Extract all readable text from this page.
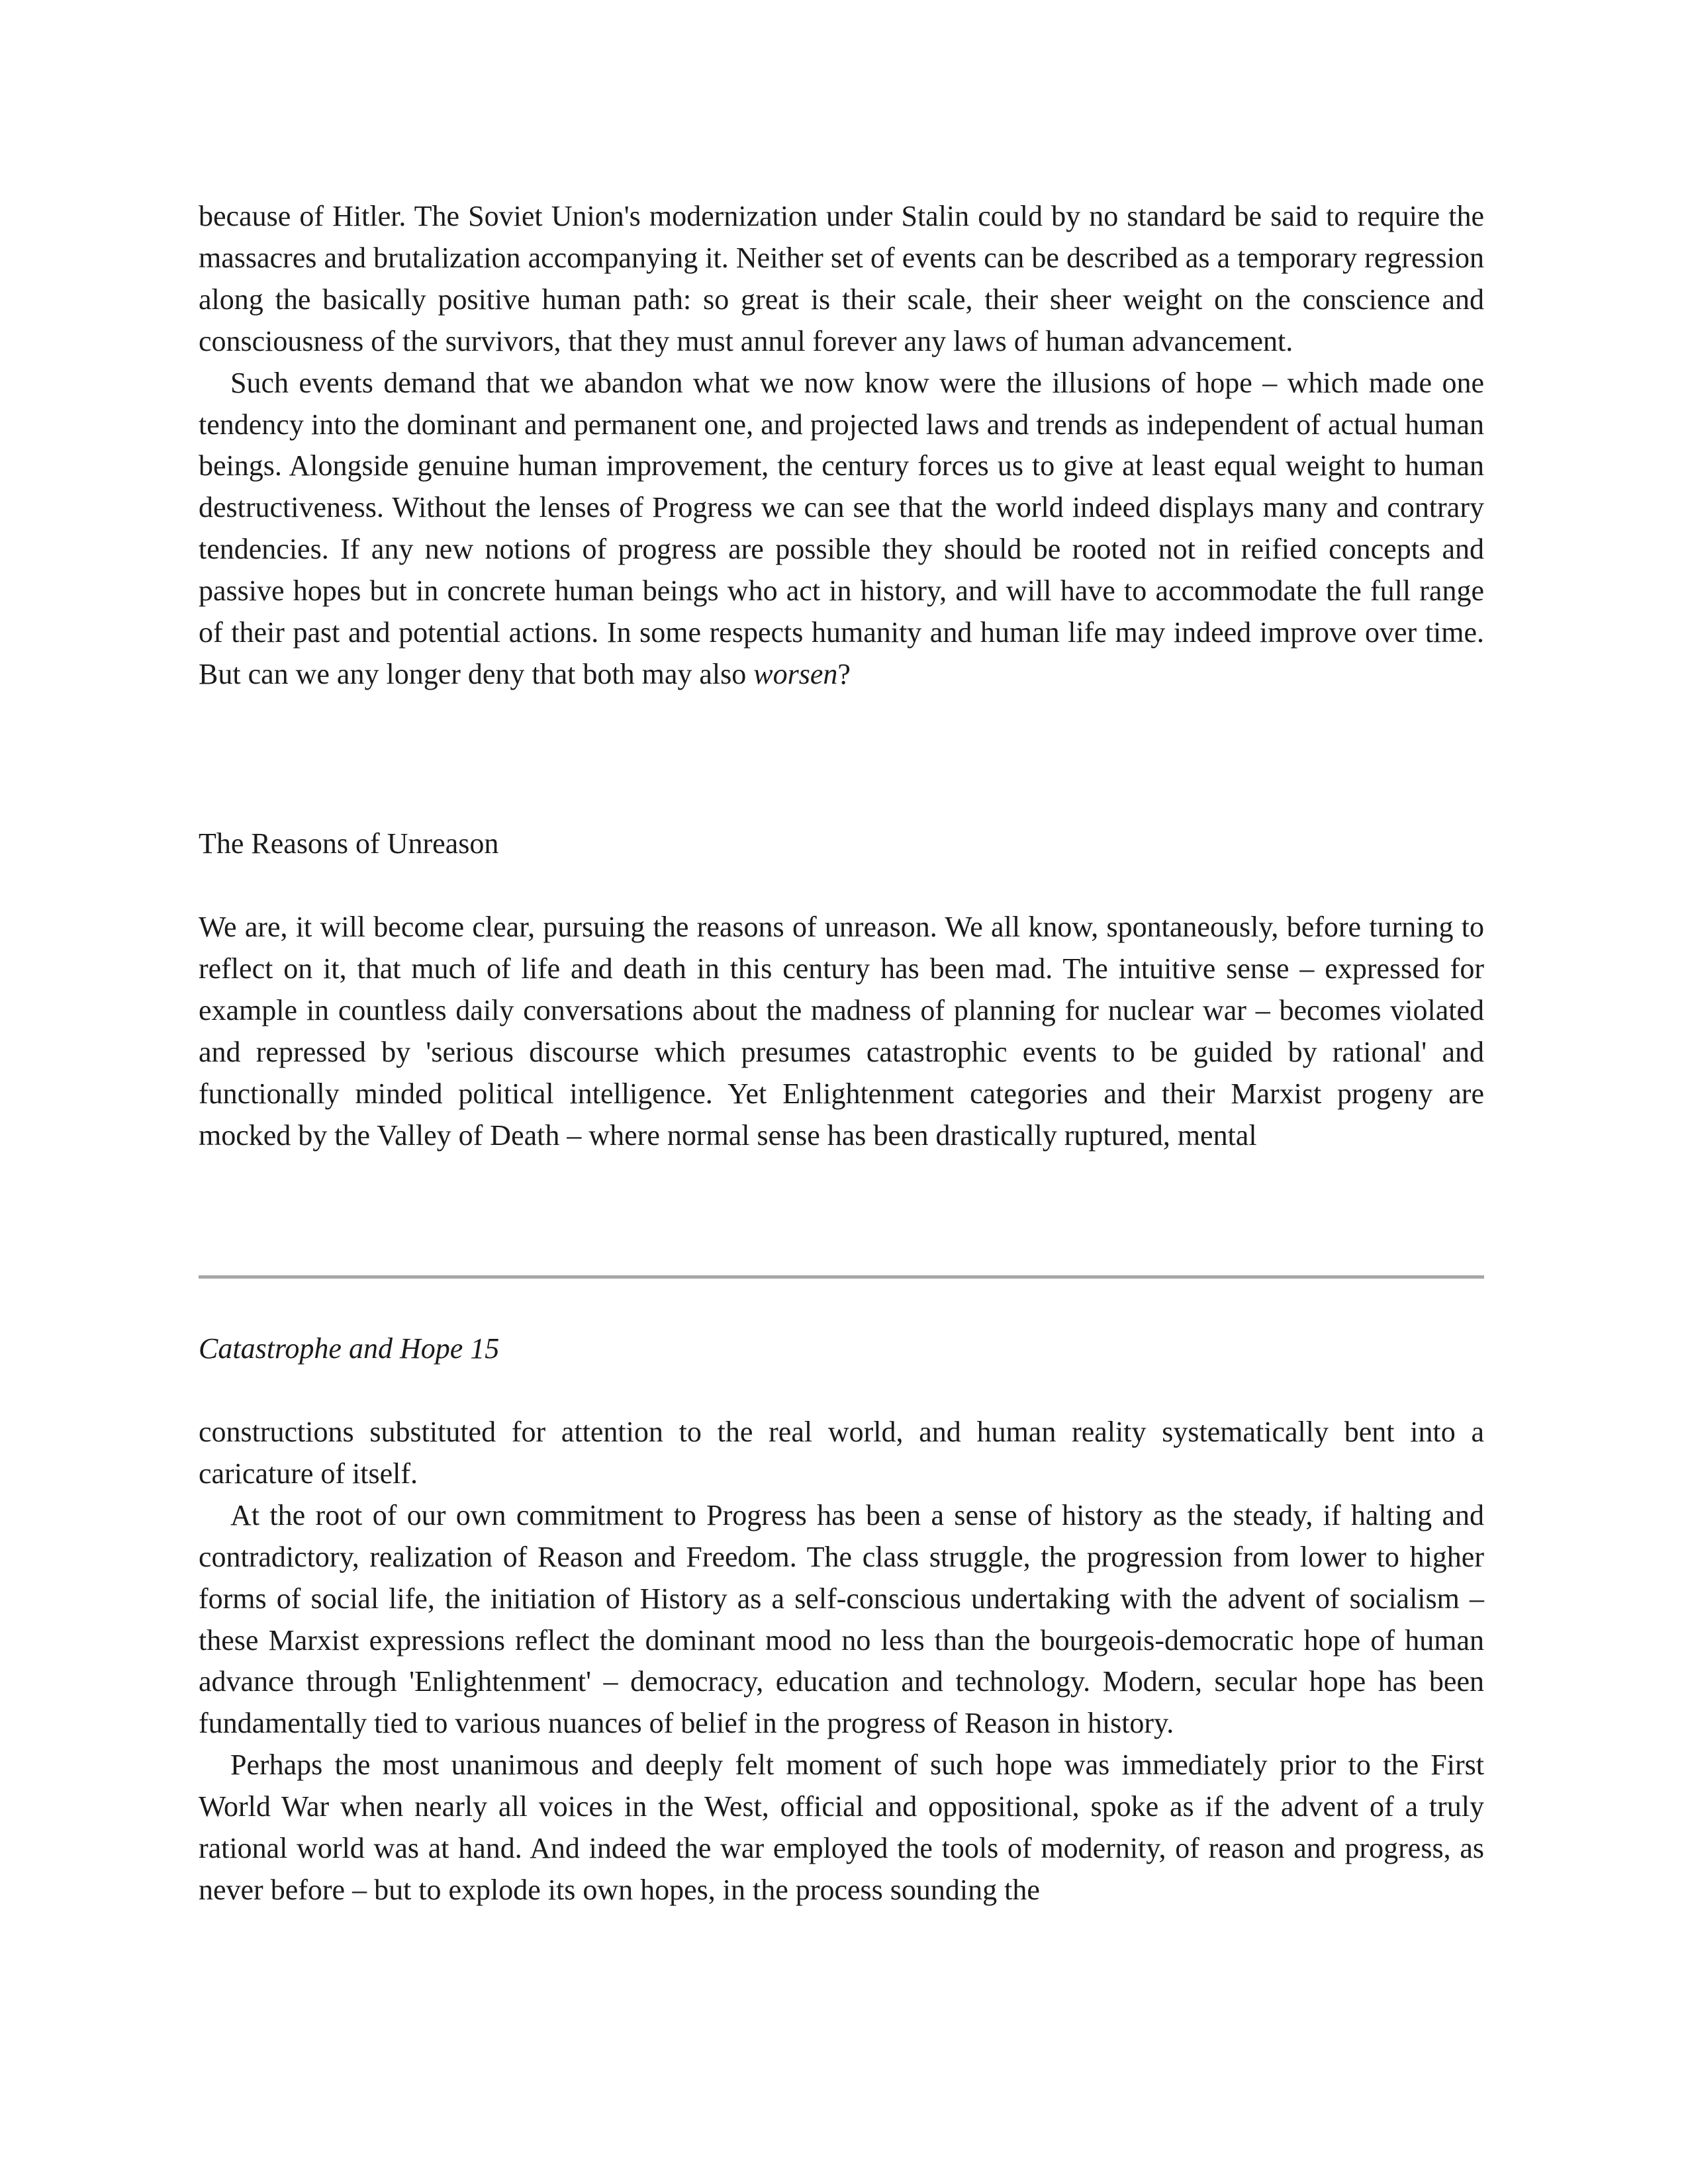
because of Hitler. The Soviet Union's modernization under Stalin could by no standard be said to require the massacres and brutalization accompanying it. Neither set of events can be described as a temporary regression along the basically positive human path: so great is their scale, their sheer weight on the conscience and consciousness of the survivors, that they must annul forever any laws of human advancement.

Such events demand that we abandon what we now know were the illusions of hope – which made one tendency into the dominant and permanent one, and projected laws and trends as independent of actual human beings. Alongside genuine human improvement, the century forces us to give at least equal weight to human destructiveness. Without the lenses of Progress we can see that the world indeed displays many and contrary tendencies. If any new notions of progress are possible they should be rooted not in reified concepts and passive hopes but in concrete human beings who act in history, and will have to accommodate the full range of their past and potential actions. In some respects humanity and human life may indeed improve over time. But can we any longer deny that both may also worsen?

The Reasons of Unreason

We are, it will become clear, pursuing the reasons of unreason. We all know, spontaneously, before turning to reflect on it, that much of life and death in this century has been mad. The intuitive sense – expressed for example in countless daily conversations about the madness of planning for nuclear war – becomes violated and repressed by 'serious discourse which presumes catastrophic events to be guided by rational' and functionally minded political intelligence. Yet Enlightenment categories and their Marxist progeny are mocked by the Valley of Death – where normal sense has been drastically ruptured, mental

Catastrophe and Hope 15

constructions substituted for attention to the real world, and human reality systematically bent into a caricature of itself.

At the root of our own commitment to Progress has been a sense of history as the steady, if halting and contradictory, realization of Reason and Freedom. The class struggle, the progression from lower to higher forms of social life, the initiation of History as a self-conscious undertaking with the advent of socialism – these Marxist expressions reflect the dominant mood no less than the bourgeois-democratic hope of human advance through 'Enlightenment' – democracy, education and technology. Modern, secular hope has been fundamentally tied to various nuances of belief in the progress of Reason in history.

Perhaps the most unanimous and deeply felt moment of such hope was immediately prior to the First World War when nearly all voices in the West, official and oppositional, spoke as if the advent of a truly rational world was at hand. And indeed the war employed the tools of modernity, of reason and progress, as never before – but to explode its own hopes, in the process sounding the
